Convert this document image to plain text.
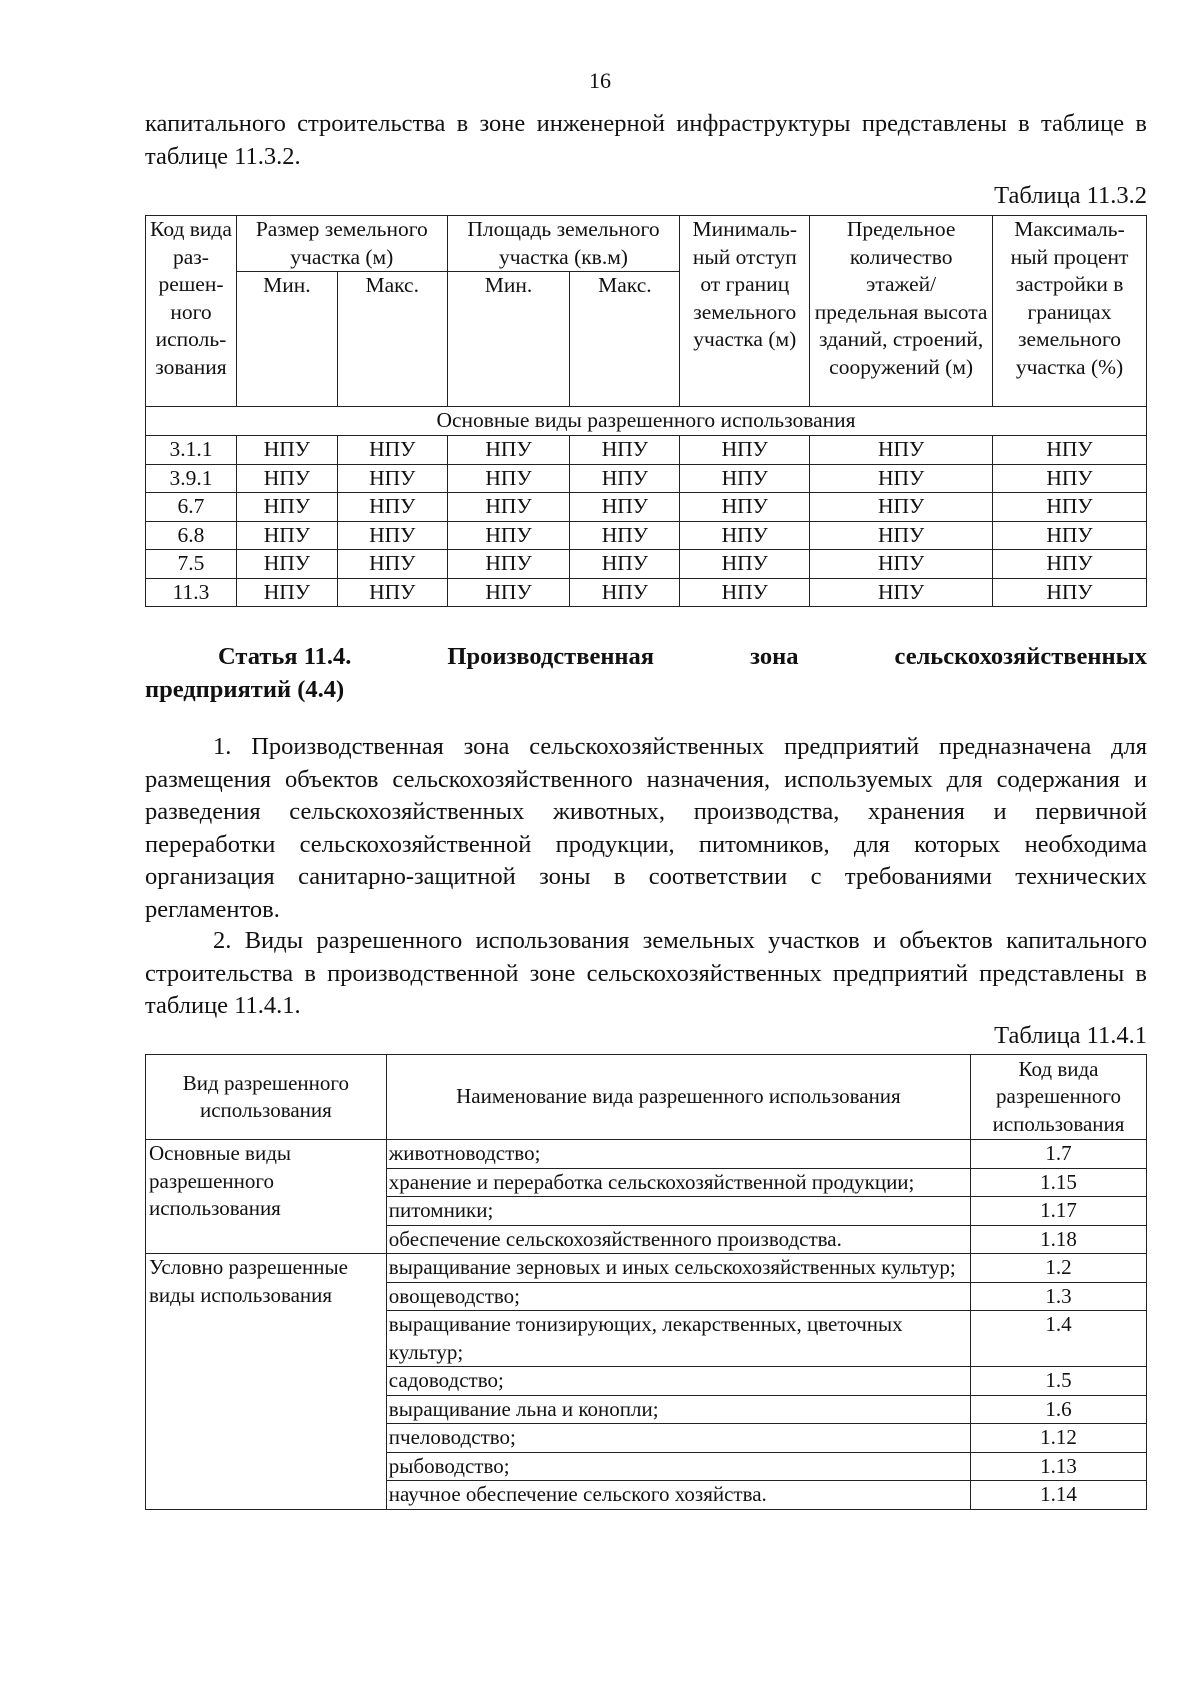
16
капитального строительства в зоне инженерной инфраструктуры представлены в таблице в таблице 11.3.2.
Таблица 11.3.2
Код вида раз-решен-ного исполь-зования	Размер земельного участка (м)		Площадь земельного участка (кв.м)		Минималь-ный отступ от границ земельного участка (м)	Предельное количество этажей/ предельная высота зданий, строений, сооружений (м)	Максималь-ный процент застройки в границах земельного участка (%)
	Мин.	Макс.	Мин.	Макс.			
Основные виды разрешенного использования							
3.1.1	НПУ	НПУ	НПУ	НПУ	НПУ	НПУ	НПУ
3.9.1	НПУ	НПУ	НПУ	НПУ	НПУ	НПУ	НПУ
6.7	НПУ	НПУ	НПУ	НПУ	НПУ	НПУ	НПУ
6.8	НПУ	НПУ	НПУ	НПУ	НПУ	НПУ	НПУ
7.5	НПУ	НПУ	НПУ	НПУ	НПУ	НПУ	НПУ
11.3	НПУ	НПУ	НПУ	НПУ	НПУ	НПУ	НПУ
Статья 11.4.	Производственная	зона	сельскохозяйственных
предприятий (4.4)
1. Производственная зона сельскохозяйственных предприятий предназначена для размещения объектов сельскохозяйственного назначения, используемых для содержания и разведения сельскохозяйственных животных, производства, хранения и первичной переработки сельскохозяйственной продукции, питомников, для которых необходима организация санитарно-защитной зоны в соответствии с требованиями технических регламентов.
2. Виды разрешенного использования земельных участков и объектов капитального строительства в производственной зоне сельскохозяйственных предприятий представлены в таблице 11.4.1.
Таблица 11.4.1
Вид разрешенного использования	Наименование вида разрешенного использования	Код вида разрешенного использования
Основные виды разрешенного использования	животноводство;	1.7
	хранение и переработка сельскохозяйственной продукции;	1.15
	питомники;	1.17
	обеспечение сельскохозяйственного производства.	1.18
Условно разрешенные виды использования	выращивание зерновых и иных сельскохозяйственных культур;	1.2
	овощеводство;	1.3
	выращивание тонизирующих, лекарственных, цветочных культур;	1.4
	садоводство;	1.5
	выращивание льна и конопли;	1.6
	пчеловодство;	1.12
	рыбоводство;	1.13
	научное обеспечение сельского хозяйства.	1.14
